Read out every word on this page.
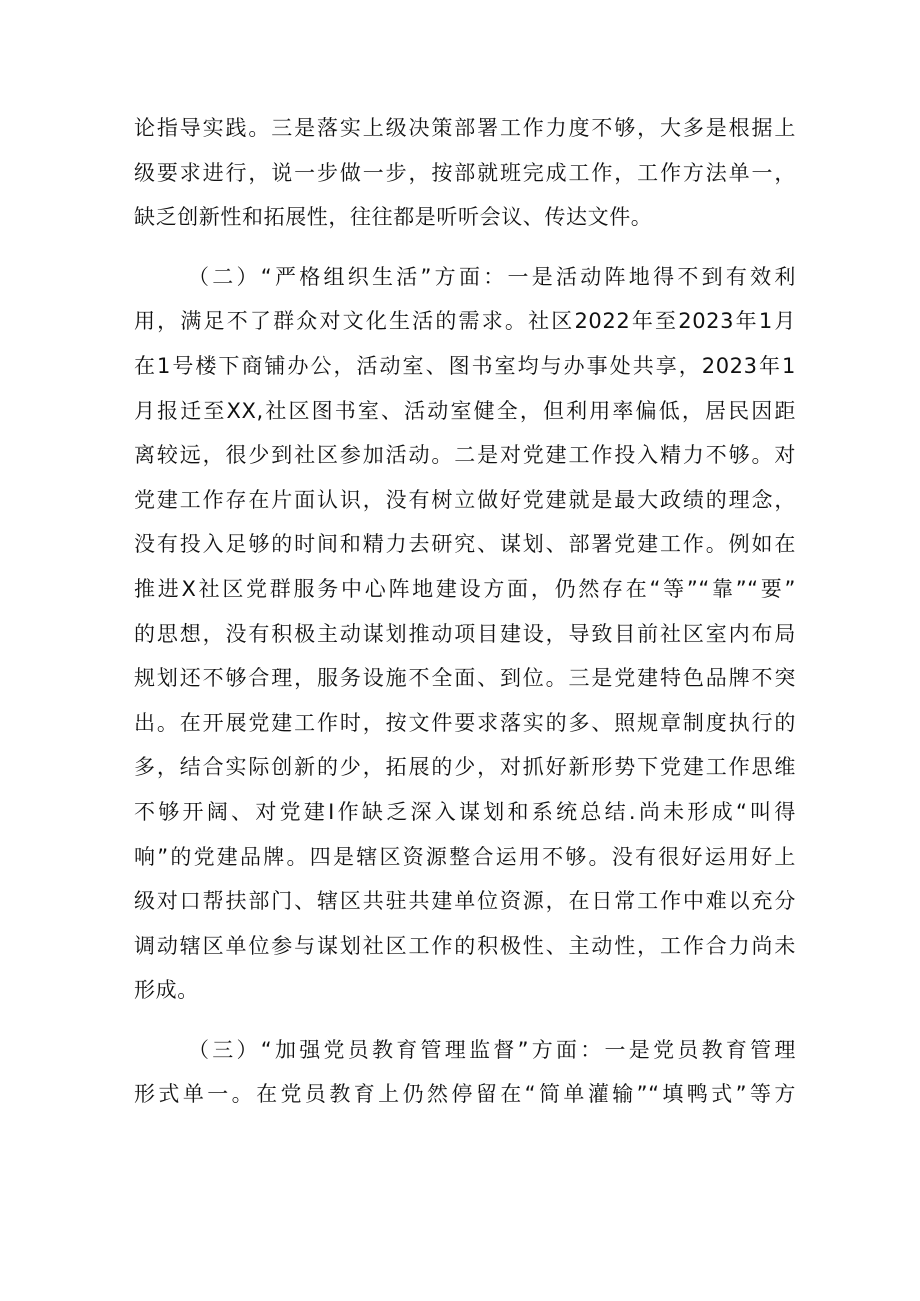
论指导实践。三是落实上级决策部署工作力度不够，大多是根据上
级要求进行，说一步做一步，按部就班完成工作，工作方法单一，
缺乏创新性和拓展性，往往都是听听会议、传达文件。
（二）“严格组织生活”方面：一是活动阵地得不到有效利
用，满足不了群众对文化生活的需求。社区2022年至2023年1月
在1号楼下商铺办公，活动室、图书室均与办事处共享，2023年1
月报迁至XX,社区图书室、活动室健全，但利用率偏低，居民因距
离较远，很少到社区参加活动。二是对党建工作投入精力不够。对
党建工作存在片面认识，没有树立做好党建就是最大政绩的理念，
没有投入足够的时间和精力去研究、谋划、部署党建工作。例如在
推进X社区党群服务中心阵地建设方面，仍然存在“等”“靠”“要”
的思想，没有积极主动谋划推动项目建设，导致目前社区室内布局
规划还不够合理，服务设施不全面、到位。三是党建特色品牌不突
出。在开展党建工作时，按文件要求落实的多、照规章制度执行的
多，结合实际创新的少，拓展的少，对抓好新形势下党建工作思维
不够开阔、对党建I作缺乏深入谋划和系统总结.尚未形成“叫得
响”的党建品牌。四是辖区资源整合运用不够。没有很好运用好上
级对口帮扶部门、辖区共驻共建单位资源，在日常工作中难以充分
调动辖区单位参与谋划社区工作的积极性、主动性，工作合力尚未
形成。
（三）“加强党员教育管理监督”方面：一是党员教育管理
形式单一。在党员教育上仍然停留在“简单灌输”“填鸭式”等方
